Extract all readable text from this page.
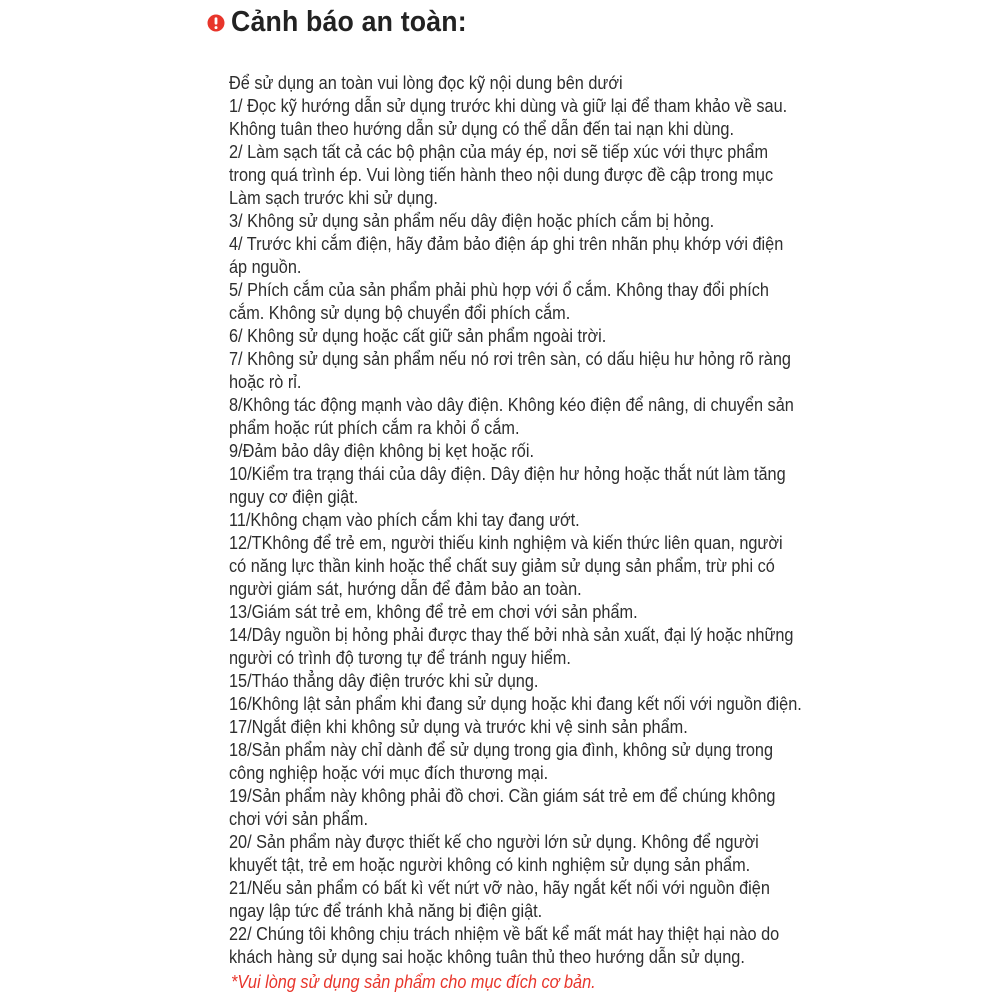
Cảnh báo an toàn:
Để sử dụng an toàn vui lòng đọc kỹ nội dung bên dưới
1/ Đọc kỹ hướng dẫn sử dụng trước khi dùng và giữ lại để tham khảo về sau.
Không tuân theo hướng dẫn sử dụng có thể dẫn đến tai nạn khi dùng.
2/ Làm sạch tất cả các bộ phận của máy ép, nơi sẽ tiếp xúc với thực phẩm
trong quá trình ép. Vui lòng tiến hành theo nội dung được đề cập trong mục
Làm sạch trước khi sử dụng.
3/ Không sử dụng sản phẩm nếu dây điện hoặc phích cắm bị hỏng.
4/ Trước khi cắm điện, hãy đảm bảo điện áp ghi trên nhãn phụ khớp với điện
áp nguồn.
5/ Phích cắm của sản phẩm phải phù hợp với ổ cắm. Không thay đổi phích
cắm. Không sử dụng bộ chuyển đổi phích cắm.
6/ Không sử dụng hoặc cất giữ sản phẩm ngoài trời.
7/ Không sử dụng sản phẩm nếu nó rơi trên sàn, có dấu hiệu hư hỏng rõ ràng
hoặc rò rỉ.
8/Không tác động mạnh vào dây điện. Không kéo điện để nâng, di chuyển sản
phẩm hoặc rút phích cắm ra khỏi ổ cắm.
9/Đảm bảo dây điện không bị kẹt hoặc rối.
10/Kiểm tra trạng thái của dây điện. Dây điện hư hỏng hoặc thắt nút làm tăng
nguy cơ điện giật.
11/Không chạm vào phích cắm khi tay đang ướt.
12/TKhông để trẻ em, người thiếu kinh nghiệm và kiến thức liên quan, người
có năng lực thần kinh hoặc thể chất suy giảm sử dụng sản phẩm, trừ phi có
người giám sát, hướng dẫn để đảm bảo an toàn.
13/Giám sát trẻ em, không để trẻ em chơi với sản phẩm.
14/Dây nguồn bị hỏng phải được thay thế bởi nhà sản xuất, đại lý hoặc những
người có trình độ tương tự để tránh nguy hiểm.
15/Tháo thẳng dây điện trước khi sử dụng.
16/Không lật sản phẩm khi đang sử dụng hoặc khi đang kết nối với nguồn điện.
17/Ngắt điện khi không sử dụng và trước khi vệ sinh sản phẩm.
18/Sản phẩm này chỉ dành để sử dụng trong gia đình, không sử dụng trong
công nghiệp hoặc với mục đích thương mại.
19/Sản phẩm này không phải đồ chơi. Cần giám sát trẻ em để chúng không
chơi với sản phẩm.
20/ Sản phẩm này được thiết kế cho người lớn sử dụng. Không để người
khuyết tật, trẻ em hoặc người không có kinh nghiệm sử dụng sản phẩm.
21/Nếu sản phẩm có bất kì vết nứt vỡ nào, hãy ngắt kết nối với nguồn điện
ngay lập tức để tránh khả năng bị điện giật.
22/ Chúng tôi không chịu trách nhiệm về bất kể mất mát hay thiệt hại nào do
khách hàng sử dụng sai hoặc không tuân thủ theo hướng dẫn sử dụng.
*Vui lòng sử dụng sản phẩm cho mục đích cơ bản.
